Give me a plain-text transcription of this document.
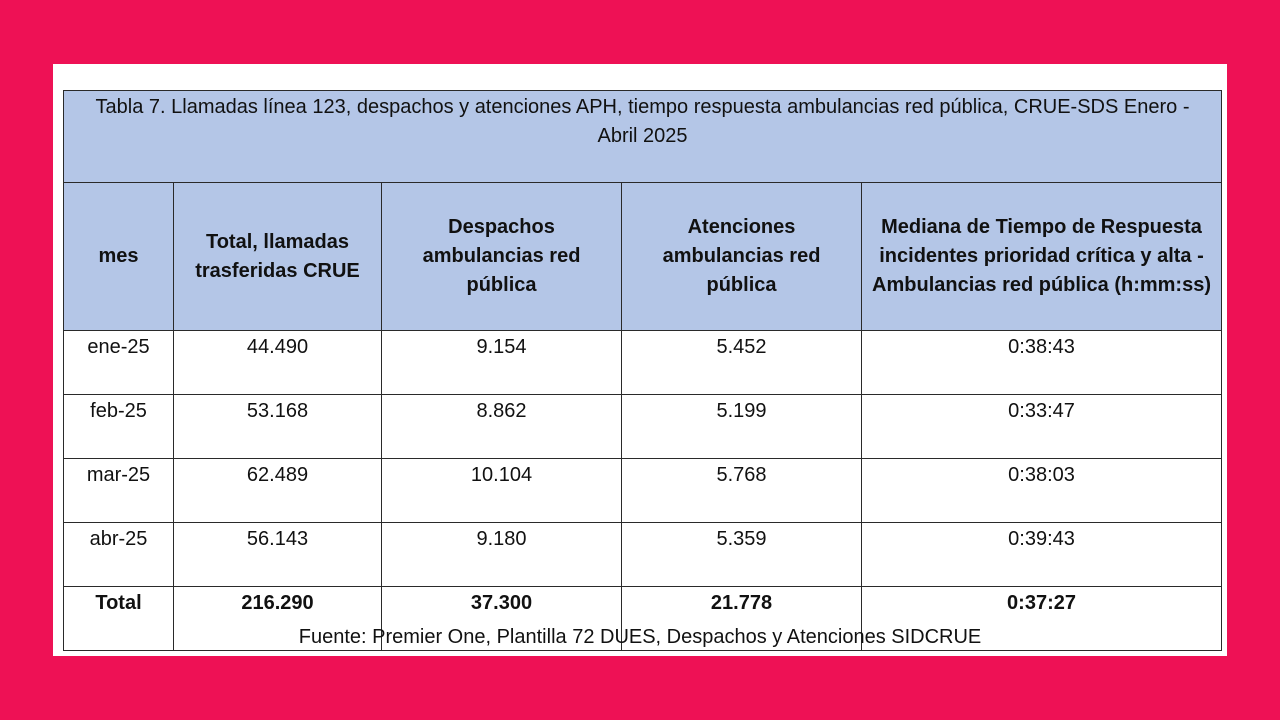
Tabla 7. Llamadas línea 123, despachos y atenciones APH, tiempo respuesta ambulancias red pública, CRUE-SDS Enero - Abril 2025				
mes	Total, llamadas trasferidas CRUE	Despachos ambulancias red pública	Atenciones ambulancias red pública	Mediana de Tiempo de Respuesta incidentes prioridad crítica y alta - Ambulancias red pública (h:mm:ss)
ene-25	44.490	9.154	5.452	0:38:43
feb-25	53.168	8.862	5.199	0:33:47
mar-25	62.489	10.104	5.768	0:38:03
abr-25	56.143	9.180	5.359	0:39:43
Total	216.290	37.300	21.778	0:37:27
Fuente: Premier One, Plantilla 72 DUES, Despachos y Atenciones SIDCRUE
